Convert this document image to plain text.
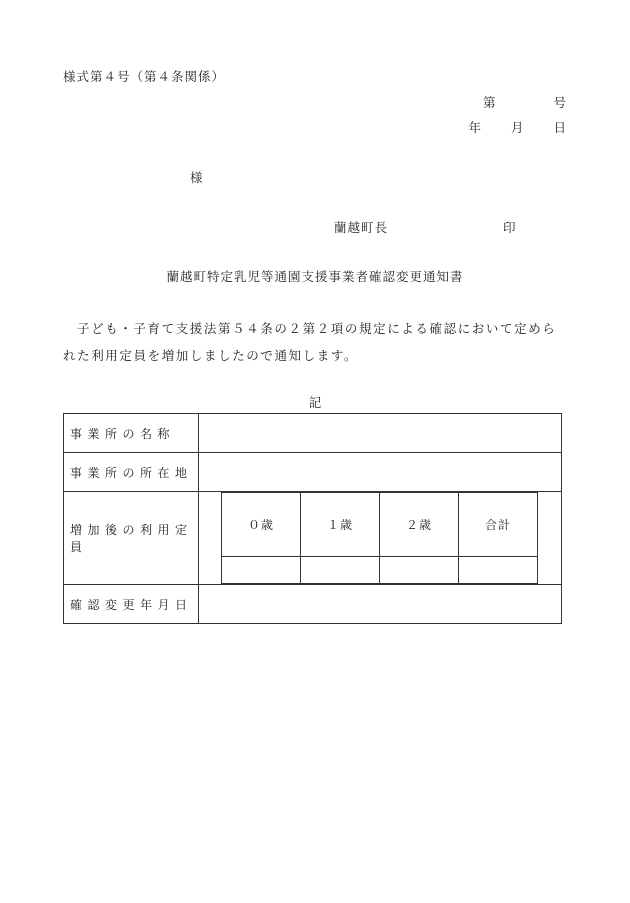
様式第４号（第４条関係）
第	号
年 月 日
様
蘭越町長	印
蘭越町特定乳児等通園支援事業者確認変更通知書
子ども・子育て支援法第５４条の２第２項の規定による確認において定められた利用定員を増加しましたので通知します。
記
事業所の名称	
事業所の所在地	
増加後の利用定員	
０歳	１歳	２歳	合計

確認変更年月日	
